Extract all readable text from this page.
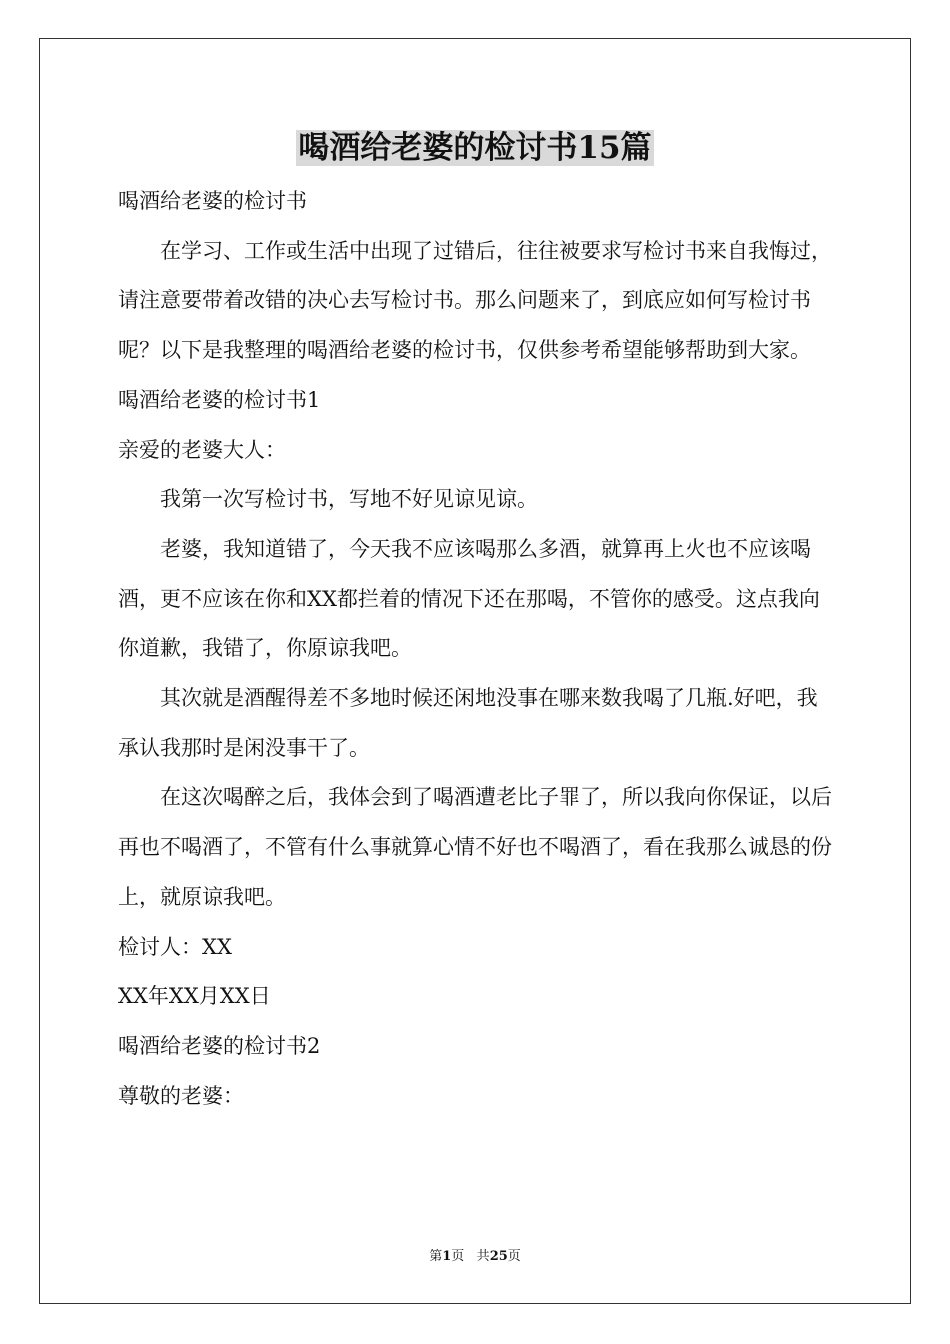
喝酒给老婆的检讨书15篇

喝酒给老婆的检讨书

在学习、工作或生活中出现了过错后，往往被要求写检讨书来自我悔过，请注意要带着改错的决心去写检讨书。那么问题来了，到底应如何写检讨书呢？以下是我整理的喝酒给老婆的检讨书，仅供参考希望能够帮助到大家。

喝酒给老婆的检讨书1

亲爱的老婆大人：

我第一次写检讨书，写地不好见谅见谅。

老婆，我知道错了，今天我不应该喝那么多酒，就算再上火也不应该喝酒，更不应该在你和XX都拦着的情况下还在那喝，不管你的感受。这点我向你道歉，我错了，你原谅我吧。

其次就是酒醒得差不多地时候还闲地没事在哪来数我喝了几瓶.好吧，我承认我那时是闲没事干了。

在这次喝醉之后，我体会到了喝酒遭老比子罪了，所以我向你保证，以后再也不喝酒了，不管有什么事就算心情不好也不喝酒了，看在我那么诚恳的份上，就原谅我吧。

检讨人：XX

XX年XX月XX日

喝酒给老婆的检讨书2

尊敬的老婆：

第1页 共25页
